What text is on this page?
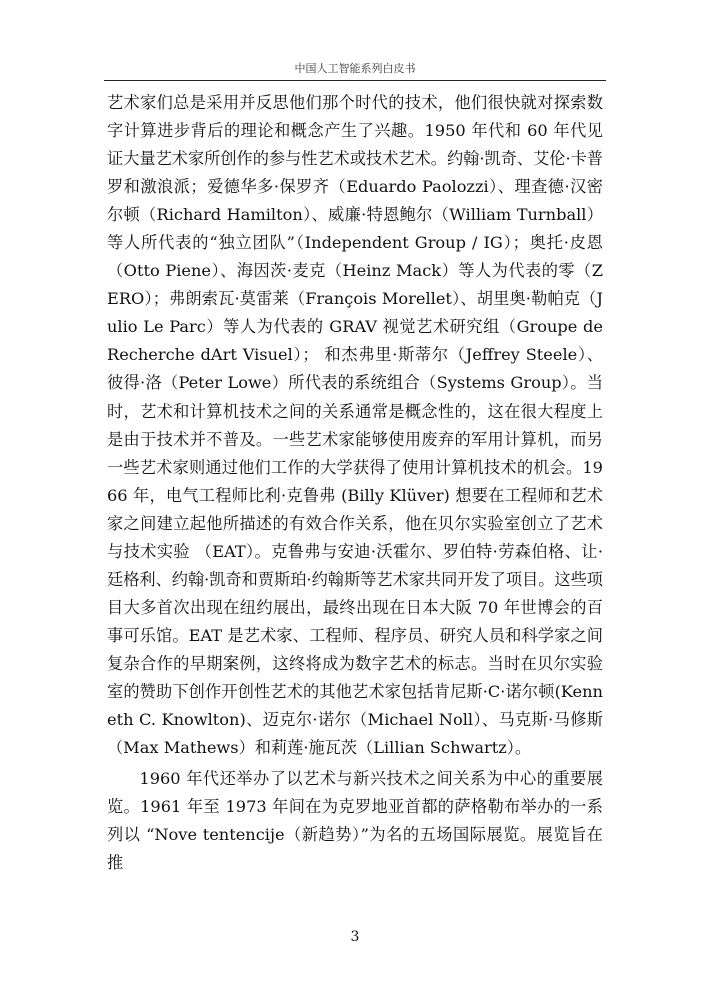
中国人工智能系列白皮书

艺术家们总是采用并反思他们那个时代的技术，他们很快就对探索数字计算进步背后的理论和概念产生了兴趣。1950 年代和 60 年代见证大量艺术家所创作的参与性艺术或技术艺术。约翰·凯奇、艾伦·卡普罗和激浪派；爱德华多·保罗齐（Eduardo Paolozzi）、理查德·汉密尔顿（Richard Hamilton）、威廉·特恩鲍尔（William Turnball）等人所代表的“独立团队”（Independent Group / IG）；奥托·皮恩（Otto Piene）、海因茨·麦克（Heinz Mack）等人为代表的零（ZERO）；弗朗索瓦·莫雷莱（François Morellet）、胡里奥·勒帕克（Julio Le Parc）等人为代表的 GRAV 视觉艺术研究组（Groupe de Recherche dArt Visuel）； 和杰弗里·斯蒂尔（Jeffrey Steele）、彼得·洛（Peter Lowe）所代表的系统组合（Systems Group）。当时，艺术和计算机技术之间的关系通常是概念性的，这在很大程度上是由于技术并不普及。一些艺术家能够使用废弃的军用计算机，而另一些艺术家则通过他们工作的大学获得了使用计算机技术的机会。1966 年，电气工程师比利·克鲁弗 (Billy Klüver) 想要在工程师和艺术家之间建立起他所描述的有效合作关系，他在贝尔实验室创立了艺术与技术实验 （EAT）。克鲁弗与安迪·沃霍尔、罗伯特·劳森伯格、让·廷格利、约翰·凯奇和贾斯珀·约翰斯等艺术家共同开发了项目。这些项目大多首次出现在纽约展出，最终出现在日本大阪 70 年世博会的百事可乐馆。EAT 是艺术家、工程师、程序员、研究人员和科学家之间复杂合作的早期案例，这终将成为数字艺术的标志。当时在贝尔实验室的赞助下创作开创性艺术的其他艺术家包括肯尼斯·C·诺尔顿(Kenneth C. Knowlton)、迈克尔·诺尔（Michael Noll）、马克斯·马修斯（Max Mathews）和莉莲·施瓦茨（Lillian Schwartz）。

1960 年代还举办了以艺术与新兴技术之间关系为中心的重要展览。1961 年至 1973 年间在为克罗地亚首都的萨格勒布举办的一系列以 “Nove tentencije（新趋势）”为名的五场国际展览。展览旨在推

3
